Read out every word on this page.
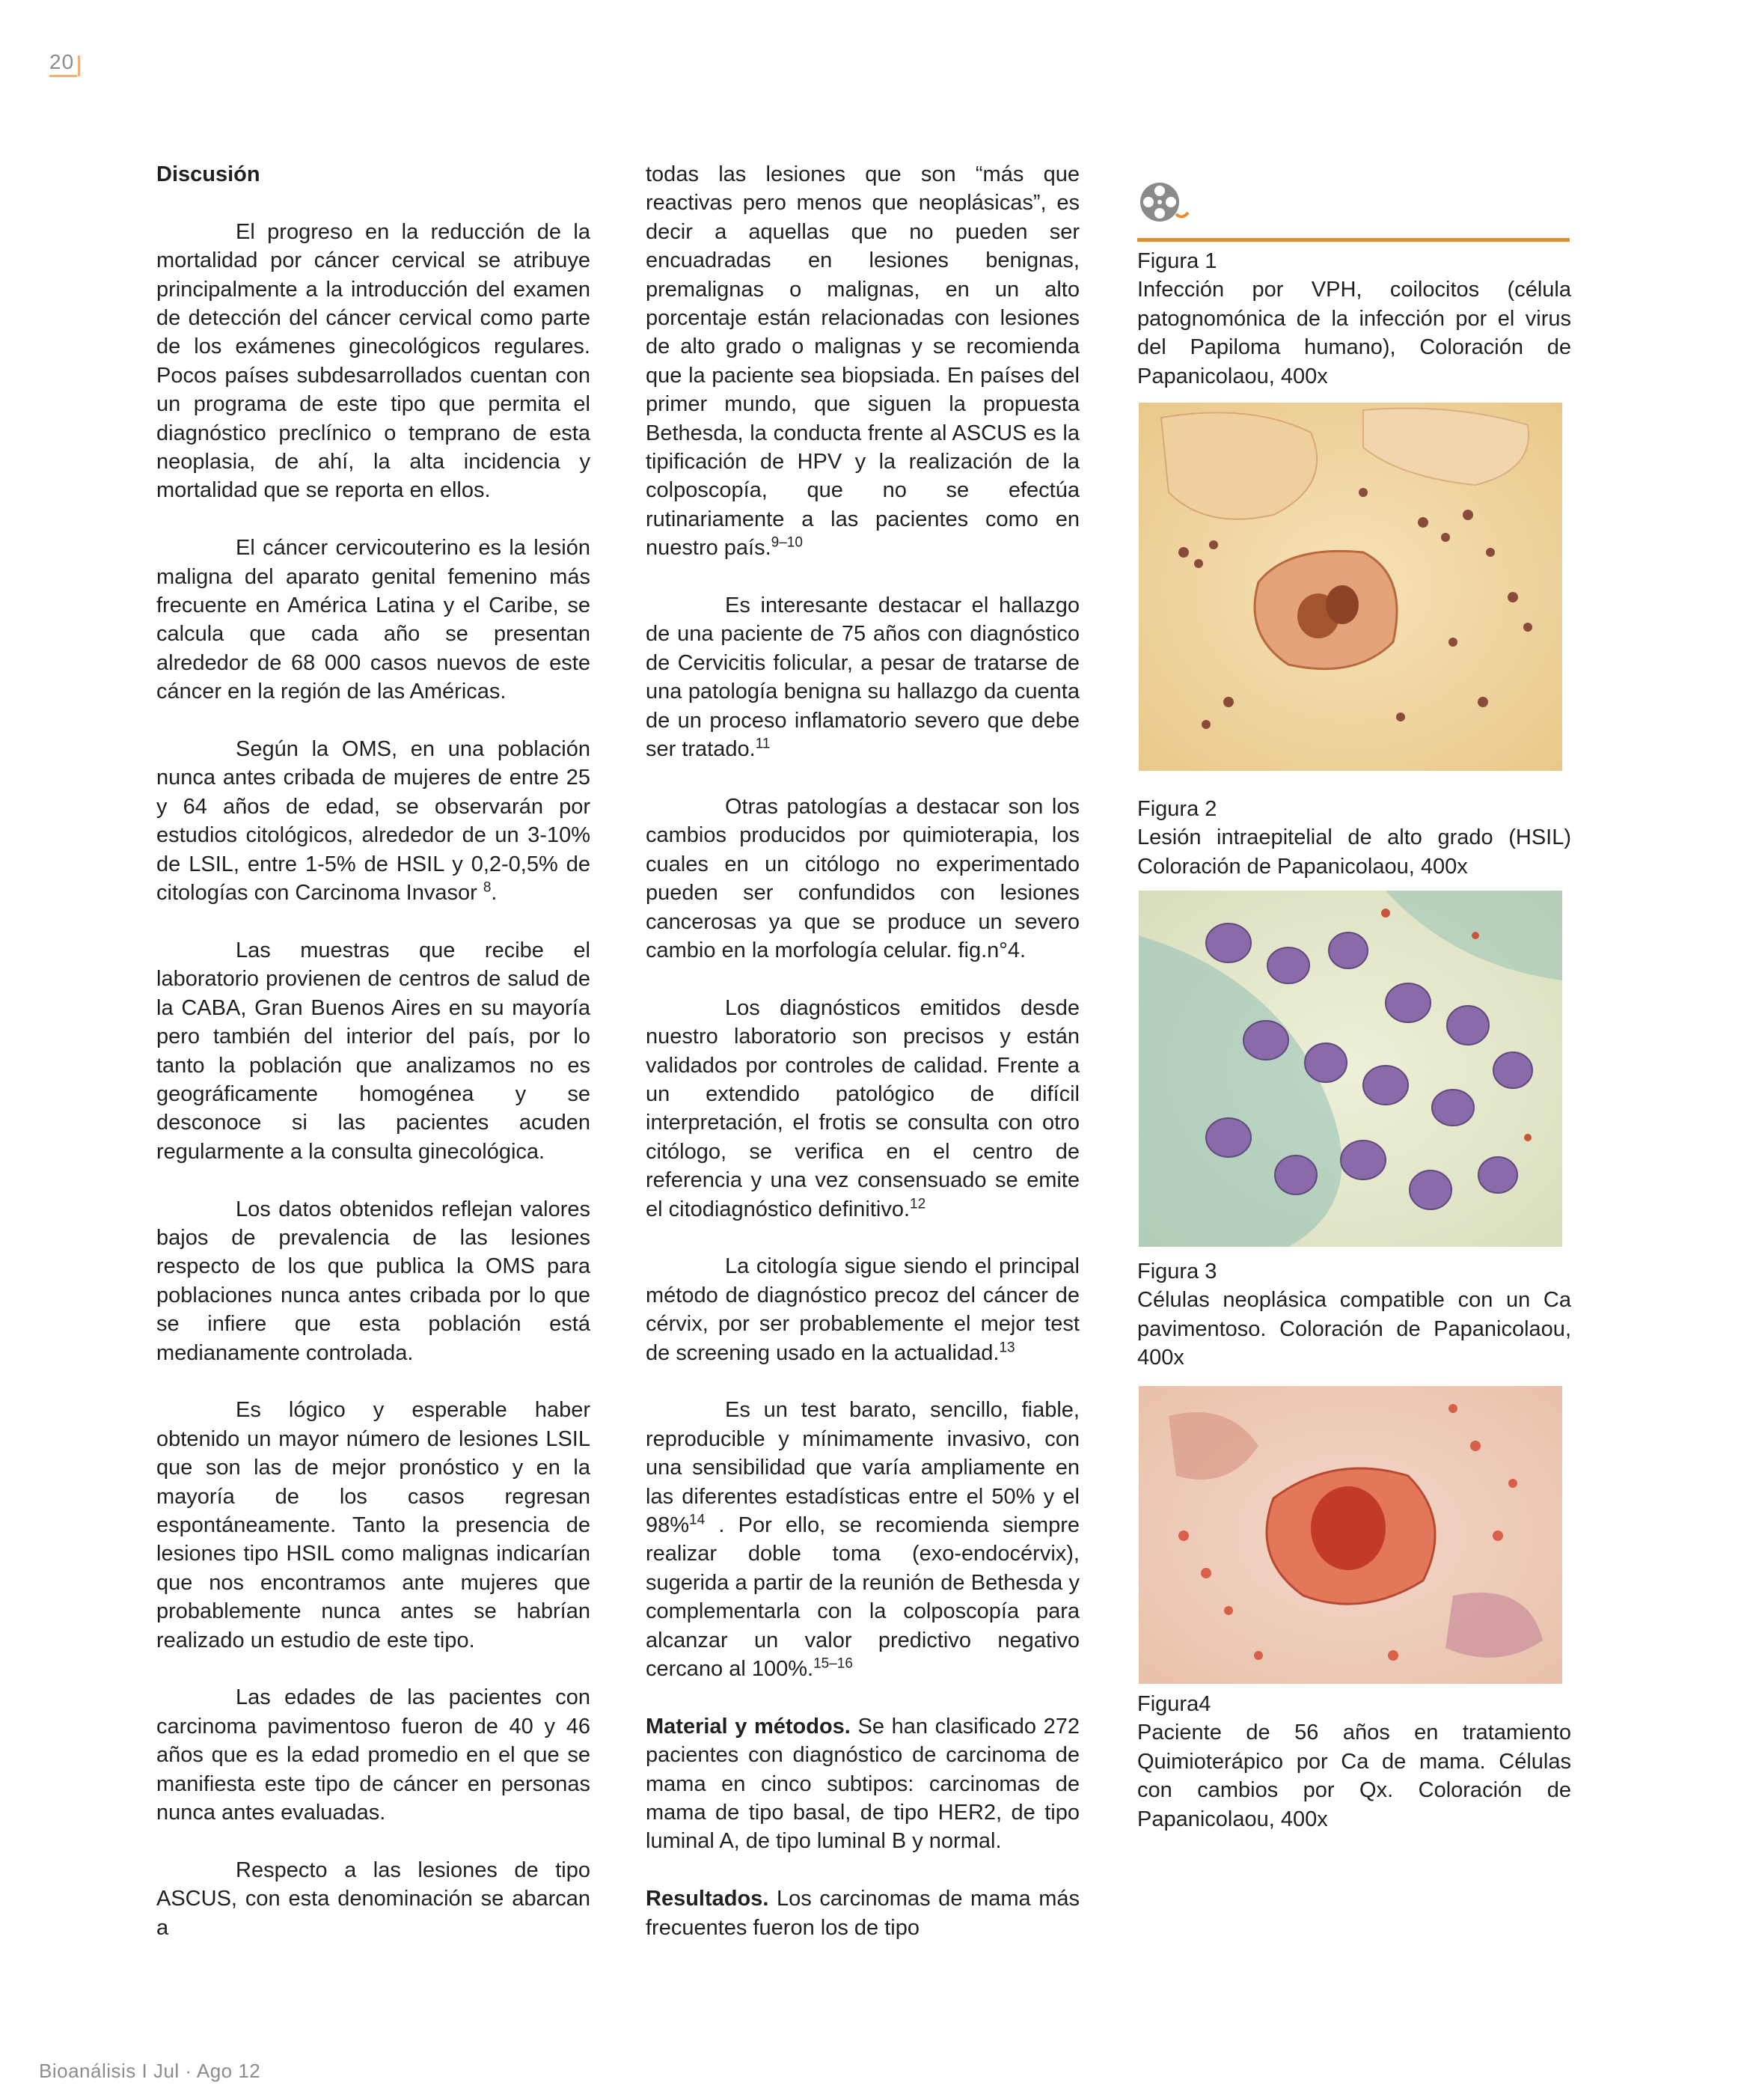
20
Discusión

El progreso en la reducción de la mortalidad por cáncer cervical se atribuye principalmente a la introducción del examen de detección del cáncer cervical como parte de los exámenes ginecológicos regulares. Pocos países subdesarrollados cuentan con un programa de este tipo que permita el diagnóstico preclínico o temprano de esta neoplasia, de ahí, la alta incidencia y mortalidad que se reporta en ellos.

El cáncer cervicouterino es la lesión maligna del aparato genital femenino más frecuente en América Latina y el Caribe, se calcula que cada año se presentan alrededor de 68 000 casos nuevos de este cáncer en la región de las Américas.

Según la OMS, en una población nunca antes cribada de mujeres de entre 25 y 64 años de edad, se observarán por estudios citológicos, alrededor de un 3-10% de LSIL, entre 1-5% de HSIL y 0,2-0,5% de citologías con Carcinoma Invasor $^8$.

Las muestras que recibe el laboratorio provienen de centros de salud de la CABA, Gran Buenos Aires en su mayoría pero también del interior del país, por lo tanto la población que analizamos no es geográficamente homogénea y se desconoce si las pacientes acuden regularmente a la consulta ginecológica.

Los datos obtenidos reflejan valores bajos de prevalencia de las lesiones respecto de los que publica la OMS para poblaciones nunca antes cribada por lo que se infiere que esta población está medianamente controlada.

Es lógico y esperable haber obtenido un mayor número de lesiones LSIL que son las de mejor pronóstico y en la mayoría de los casos regresan espontáneamente. Tanto la presencia de lesiones tipo HSIL como malignas indicarían que nos encontramos ante mujeres que probablemente nunca antes se habrían realizado un estudio de este tipo.

Las edades de las pacientes con carcinoma pavimentoso fueron de 40 y 46 años que es la edad promedio en el que se manifiesta este tipo de cáncer en personas nunca antes evaluadas.

Respecto a las lesiones de tipo ASCUS, con esta denominación se abarcan a

todas las lesiones que son “más que reactivas pero menos que neoplásicas”, es decir a aquellas que no pueden ser encuadradas en lesiones benignas, premalignas o malignas, en un alto porcentaje están relacionadas con lesiones de alto grado o malignas y se recomienda que la paciente sea biopsiada. En países del primer mundo, que siguen la propuesta Bethesda, la conducta frente al ASCUS es la tipificación de HPV y la realización de la colposcopía, que no se efectúa rutinariamente a las pacientes como en nuestro país.$^{9-10}$

Es interesante destacar el hallazgo de una paciente de 75 años con diagnóstico de Cervicitis folicular, a pesar de tratarse de una patología benigna su hallazgo da cuenta de un proceso inflamatorio severo que debe ser tratado.$^{11}$

Otras patologías a destacar son los cambios producidos por quimioterapia, los cuales en un citólogo no experimentado pueden ser confundidos con lesiones cancerosas ya que se produce un severo cambio en la morfología celular. fig.n°4.

Los diagnósticos emitidos desde nuestro laboratorio son precisos y están validados por controles de calidad. Frente a un extendido patológico de difícil interpretación, el frotis se consulta con otro citólogo, se verifica en el centro de referencia y una vez consensuado se emite el citodiagnóstico definitivo.$^{12}$

La citología sigue siendo el principal método de diagnóstico precoz del cáncer de cérvix, por ser probablemente el mejor test de screening usado en la actualidad.$^{13}$

Es un test barato, sencillo, fiable, reproducible y mínimamente invasivo, con una sensibilidad que varía ampliamente en las diferentes estadísticas entre el 50% y el 98%$^{14}$ . Por ello, se recomienda siempre realizar doble toma (exo-endocérvix), sugerida a partir de la reunión de Bethesda y complementarla con la colposcopía para alcanzar un valor predictivo negativo cercano al 100%.$^{15-16}$

Material y métodos. Se han clasificado 272 pacientes con diagnóstico de carcinoma de mama en cinco subtipos: carcinomas de mama de tipo basal, de tipo HER2, de tipo luminal A, de tipo luminal B y normal.

Resultados. Los carcinomas de mama más frecuentes fueron los de tipo

Figura 1
Infección por VPH, coilocitos (célula patognomónica de la infección por el virus del Papiloma humano), Coloración de Papanicolaou, 400x
Figura 2
Lesión intraepitelial de alto grado (HSIL) Coloración de Papanicolaou, 400x
Figura 3
Células neoplásica compatible con un Ca pavimentoso. Coloración de Papanicolaou, 400x
Figura4
Paciente de 56 años en tratamiento Quimioterápico por Ca de mama. Células con cambios por Qx. Coloración de Papanicolaou, 400x
Bioanálisis I Jul · Ago 12
